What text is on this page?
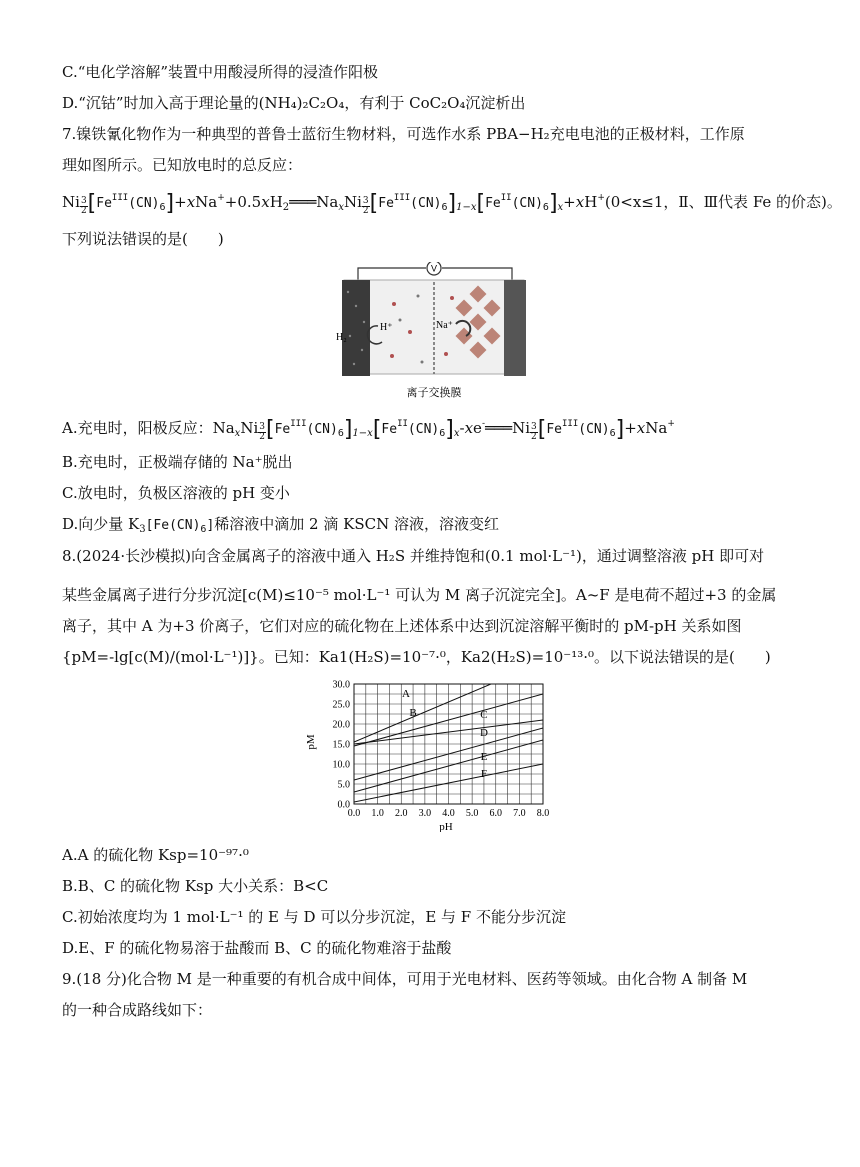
C.“电化学溶解”装置中用酸浸所得的浸渣作阳极
D.“沉钴”时加入高于理论量的(NH₄)₂C₂O₄，有利于 CoC₂O₄沉淀析出
7.镍铁氰化物作为一种典型的普鲁士蓝衍生物材料，可选作水系 PBA−H₂充电电池的正极材料，工作原
理如图所示。已知放电时的总反应：
Ni $\frac{3}{2}$ $[Fe^{III}(CN)_6]+xNa^++0.5xH_2═══Na_xNi \frac{3}{2} [Fe^{III}(CN)_6]_{1-x}[Fe^{II}(CN)_6]_x+xH^+(0<x\le 1$，Ⅱ、Ⅲ代表 Fe 的价态)。
下列说法错误的是(　　)
V
H₂
H⁺	Na⁺
离子交换膜
A.充电时，阳极反应：$Na_xNi \frac{3}{2}$ $[Fe^{III}(CN)_6]_{1-x}[Fe^{II}(CN)_6]_x-xe^-═══Ni \frac{3}{2} [Fe^{III}(CN)_6]+xNa^+$
B.充电时，正极端存储的 Na⁺脱出
C.放电时，负极区溶液的 pH 变小
D.向少量 $K_3[Fe(CN)_6]$稀溶液中滴加 2 滴 KSCN 溶液，溶液变红
8.(2024·长沙模拟)向含金属离子的溶液中通入 H₂S 并维持饱和(0.1 mol·L⁻¹)，通过调整溶液 pH 即可对
某些金属离子进行分步沉淀[c(M)≤10⁻⁵ mol·L⁻¹ 可认为 M 离子沉淀完全]。A~F 是电荷不超过+3 的金属
离子，其中 A 为+3 价离子，它们对应的硫化物在上述体系中达到沉淀溶解平衡时的 pM-pH 关系如图
{pM=-lg[c(M)/(mol·L⁻¹)]}。已知：Ka1(H₂S)=10⁻⁷·⁰，Ka2(H₂S)=10⁻¹³·⁰。以下说法错误的是(　　)
0.0 1.0 2.0 3.0 4.0 5.0 6.0 7.0 8.0
0.0
5.0
10.0
15.0
20.0
25.0
30.0
A
B	C
D
E
F
pH
pM
A.A 的硫化物 Ksp=10⁻⁹⁷·⁰
B.B、C 的硫化物 Ksp 大小关系：B<C
C.初始浓度均为 1 mol·L⁻¹ 的 E 与 D 可以分步沉淀，E 与 F 不能分步沉淀
D.E、F 的硫化物易溶于盐酸而 B、C 的硫化物难溶于盐酸
9.(18 分)化合物 M 是一种重要的有机合成中间体，可用于光电材料、医药等领域。由化合物 A 制备 M
的一种合成路线如下：
